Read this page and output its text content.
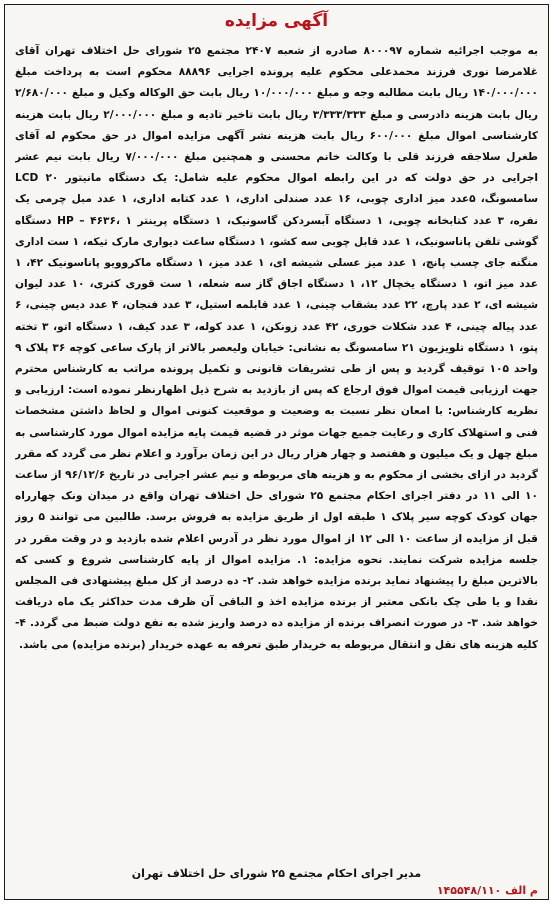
آگهی مزایده
به موجب اجرائیه شماره ۸۰۰۰۹۷ صادره از شعبه ۲۴۰۷ مجتمع ۲۵ شورای حل اختلاف تهران آقای غلامرضا نوری فرزند محمدعلی محکوم علیه پرونده اجرایی ۸۸۸۹۶ محکوم است به پرداخت مبلغ ۱۴۰/۰۰۰/۰۰۰ ریال بابت مطالبه وجه و مبلغ ۱۰/۰۰۰/۰۰۰ ریال بابت حق الوکاله وکیل و مبلغ ۲/۶۸۰/۰۰۰ ریال بابت هزینه دادرسی و مبلغ ۳/۳۳۳/۳۳۳ ریال بابت تاخیر تادیه و مبلغ ۲/۰۰۰/۰۰۰ ریال بابت هزینه کارشناسی اموال مبلغ ۶۰۰/۰۰۰ ریال بابت هزینه نشر آگهی مزایده اموال در حق محکوم له آقای طغرل سلاجقه فرزند قلی با وکالت خانم محسنی و همچنین مبلغ ۷/۰۰۰/۰۰۰ ریال بابت نیم عشر اجرایی در حق دولت که در این رابطه اموال محکوم علیه شامل: یک دستگاه مانیتور LCD ۲۰ سامسونگ، ۵عدد میز اداری چوبی، ۱۶ عدد صندلی اداری، ۱ عدد کتابه اداری، ۱ عدد مبل چرمی یک نفره، ۳ عدد کتابخانه چوبی، ۱ دستگاه آبسردکن گاسونیک، ۱ دستگاه پرینتر HP – ۴۶۳۶، ۱ دستگاه گوشی تلفن پاناسونیک، ۱ عدد قابل چوبی سه کشو، ۱ دستگاه ساعت دیواری مارک تیکه، ۱ ست اداری منگنه جای چسب پانچ، ۱ عدد میز عسلی شیشه ای، ۱ عدد میز، ۱ دستگاه ماکروویو پاناسونیک ۴۲، ۱ عدد میز اتو، ۱ دستگاه یخچال ۱۲، ۱ دستگاه اجاق گاز سه شعله، ۱ ست قوری کتری، ۱۰ عدد لیوان شیشه ای، ۲ عدد پارچ، ۲۲ عدد بشقاب چینی، ۱ عدد قابلمه استیل، ۳ عدد فنجان، ۴ عدد دیس چینی، ۶ عدد پیاله چینی، ۴ عدد شکلات خوری، ۴۲ عدد زونکن، ۱ عدد کوله، ۳ عدد کیف، ۱ دستگاه اتو، ۳ تخته پتو، ۱ دستگاه تلویزیون ۲۱ سامسونگ به نشانی: خیابان ولیعصر بالاتر از پارک ساعی کوچه ۳۶ پلاک ۹ واحد ۱۰۵ توقیف گردید و پس از طی تشریفات قانونی و تکمیل پرونده مراتب به کارشناس محترم جهت ارزیابی قیمت اموال فوق ارجاع که پس از بازدید به شرح ذیل اظهارنظر نموده است: ارزیابی و نظریه کارشناس: با امعان نظر نسبت به وضعیت و موقعیت کنونی اموال و لحاظ داشتن مشخصات فنی و استهلاک کاری و رعایت جمیع جهات موثر در قضیه قیمت پایه مزایده اموال مورد کارشناسی به مبلغ چهل و یک میلیون و هفتصد و چهار هزار ریال در این زمان برآورد و اعلام نظر می گردد که مقرر گردید در ازای بخشی از محکوم به و هزینه های مربوطه و نیم عشر اجرایی در تاریخ ۹۶/۱۲/۶ از ساعت ۱۰ الی ۱۱ در دفتر اجرای احکام مجتمع ۲۵ شورای حل اختلاف تهران واقع در میدان ونک چهارراه جهان کودک کوچه سیر پلاک ۱ طبقه اول از طریق مزایده به فروش برسد. طالبین می توانند ۵ روز قبل از مزایده از ساعت ۱۰ الی ۱۲ از اموال مورد نظر در آدرس اعلام شده بازدید و در وقت مقرر در جلسه مزایده شرکت نمایند. نحوه مزایده: ۱. مزایده اموال از پایه کارشناسی شروع و کسی که بالاترین مبلغ را پیشنهاد نماید برنده مزایده خواهد شد. ۲- ده درصد از کل مبلغ پیشنهادی فی المجلس نقدا و یا طی چک بانکی معتبر از برنده مزایده اخذ و الباقی آن ظرف مدت حداکثر یک ماه دریافت خواهد شد. ۳- در صورت انصراف برنده از مزایده ده درصد واریز شده به نفع دولت ضبط می گردد. ۴- کلیه هزینه های نقل و انتقال مربوطه به خریدار طبق تعرفه به عهده خریدار (برنده مزایده) می باشد.
مدیر اجرای احکام مجتمع ۲۵ شورای حل اختلاف تهران
م الف ۱۴۵۵۴۸/۱۱۰
